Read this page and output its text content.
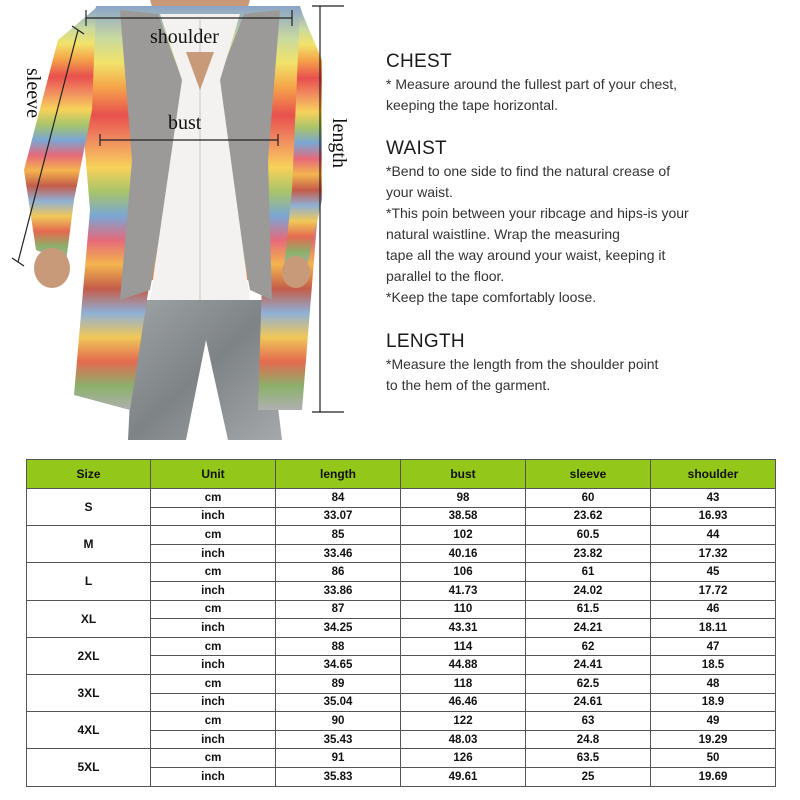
shoulder
bust
sleeve
length
CHEST
* Measure around the fullest part of your chest,
keeping the tape horizontal.
WAIST
*Bend to one side to find the natural crease of
your waist.
*This poin between your ribcage and hips-is your
natural waistline. Wrap the measuring
tape all the way around your waist, keeping it
parallel to the floor.
*Keep the tape comfortably loose.
LENGTH
*Measure the length from the shoulder point
to the hem of the garment.
Size	Unit	length	bust	sleeve	shoulder
S	cm	84	98	60	43
	inch	33.07	38.58	23.62	16.93
M	cm	85	102	60.5	44
	inch	33.46	40.16	23.82	17.32
L	cm	86	106	61	45
	inch	33.86	41.73	24.02	17.72
XL	cm	87	110	61.5	46
	inch	34.25	43.31	24.21	18.11
2XL	cm	88	114	62	47
	inch	34.65	44.88	24.41	18.5
3XL	cm	89	118	62.5	48
	inch	35.04	46.46	24.61	18.9
4XL	cm	90	122	63	49
	inch	35.43	48.03	24.8	19.29
5XL	cm	91	126	63.5	50
	inch	35.83	49.61	25	19.69
